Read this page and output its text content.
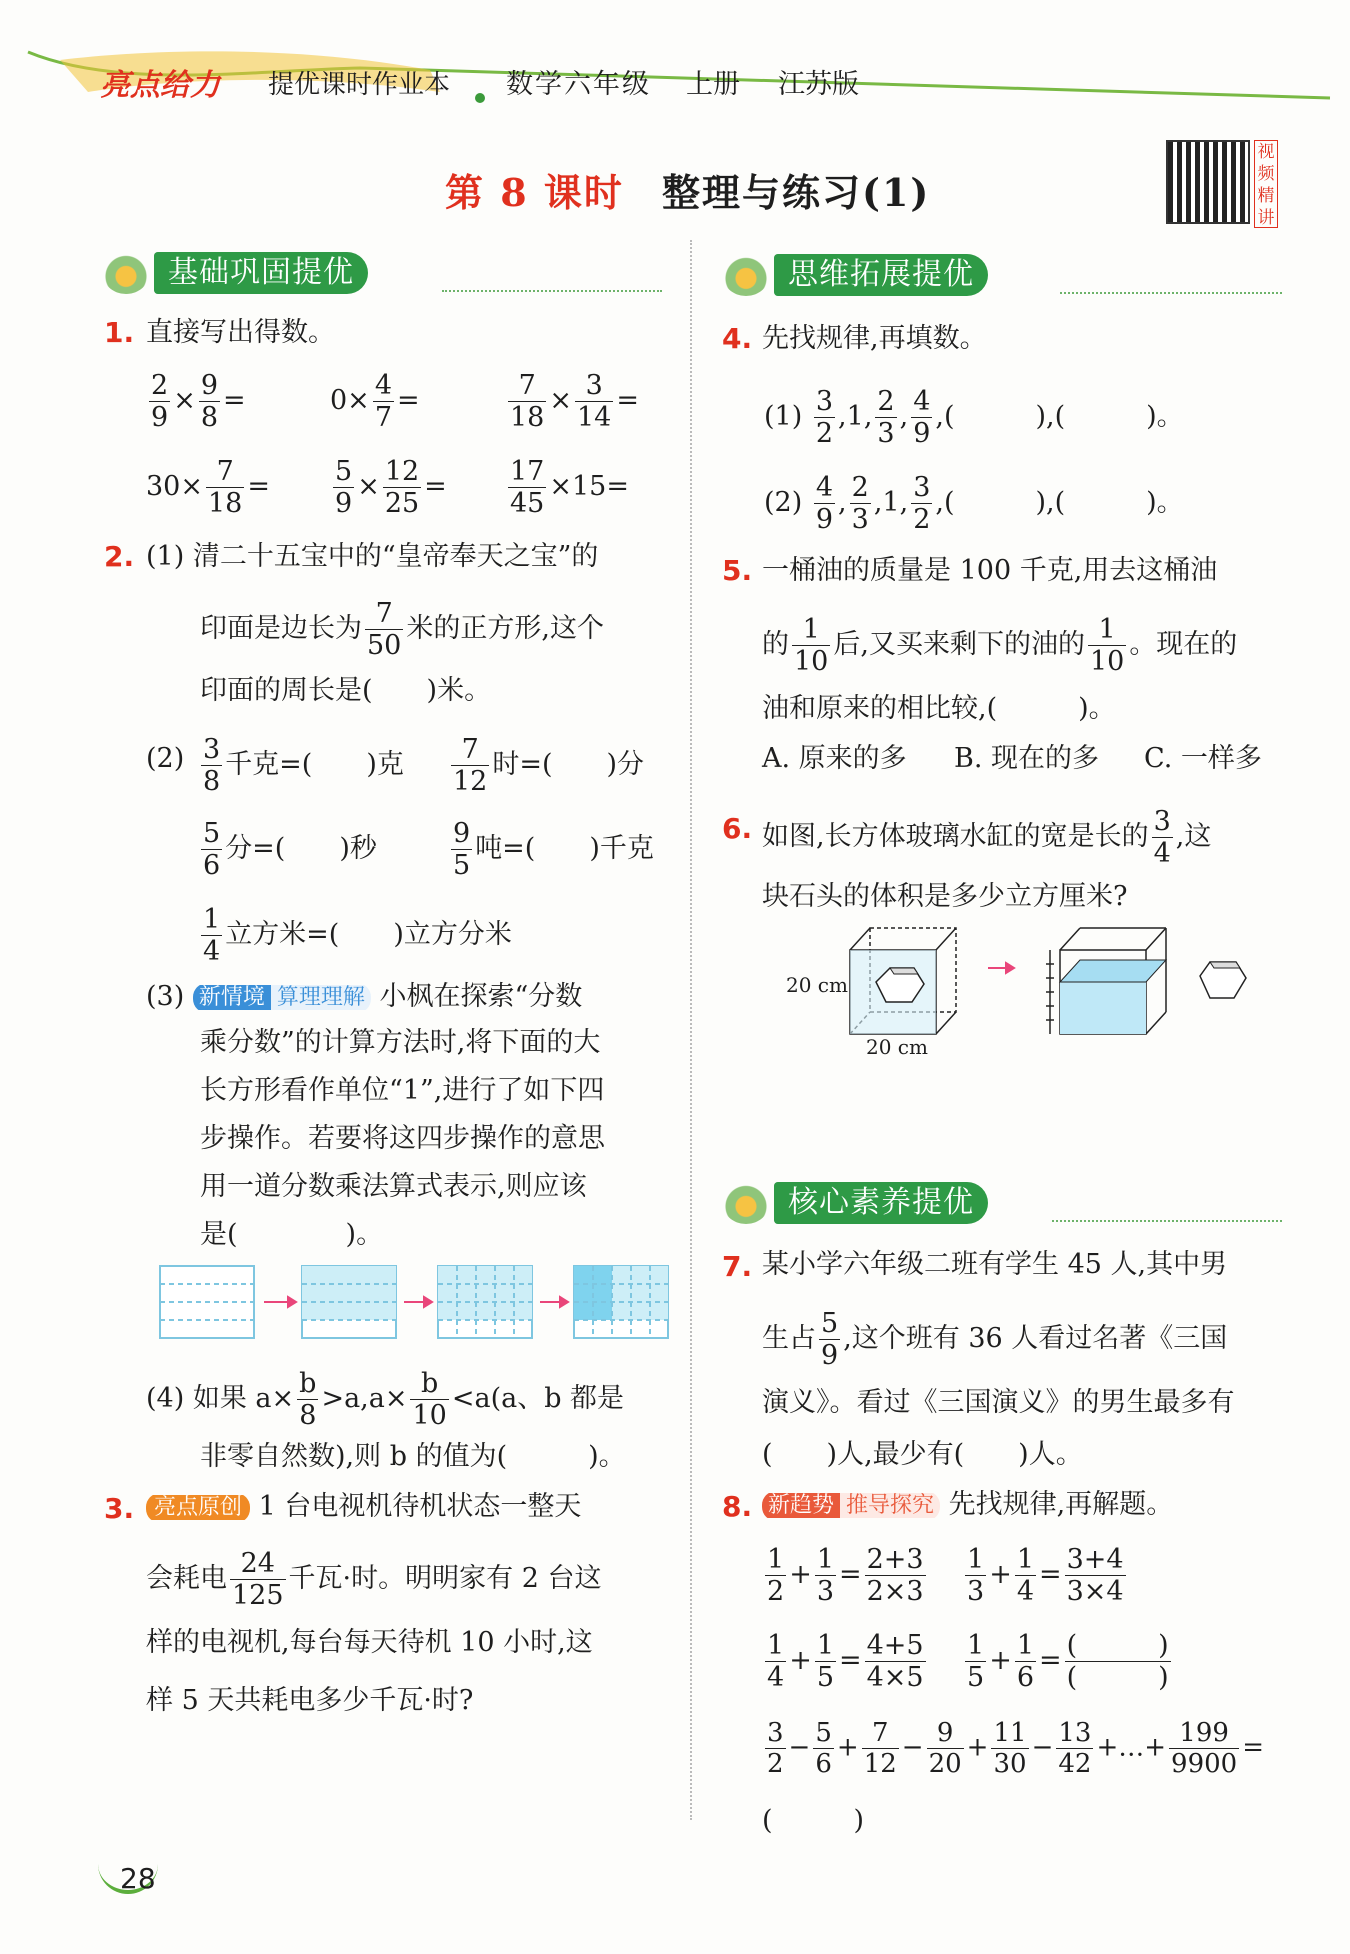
亮点给力 提优课时作业本 数学六年级 上册 江苏版
第 8 课时 整理与练习(1)
视频精讲
基础巩固提优
1. 直接写出得数。
$\frac{2}{9} \times \frac{9}{8}$ =	$0\times \frac{4}{7}$ =	$\frac{7}{18} \times \frac{3}{14}$ =
$30\times \frac{7}{18} = \frac{5}{9} \times \frac{12}{25} = \frac{17}{45} \times 15=$
2. (1) 清二十五宝中的“皇帝奉天之宝”的
印面是边长为 $\frac{7}{50}$ 米的正方形,这个
印面的周长是(　　)米。
$(2) \frac{3}{8}$ 千克=(　　)克 $\frac{7}{12}$ 时=(　　)分
$\frac{5}{6}$ 分=(　　)秒	$\frac{9}{5}$ 吨=(　　)千克
$\frac{1}{4}$ 立方米=(　　)立方分米
(3) 新情境 算理理解 小枫在探索“分数
乘分数”的计算方法时,将下面的大
长方形看作单位“1”,进行了如下四
步操作。若要将这四步操作的意思
用一道分数乘法算式表示,则应该
是(　　　　)。
(4) 如果 $a\times \frac{b}{8} >a,a\times \frac{b}{10} <a(a$、b 都是
非零自然数),则 b 的值为(　　　)。
3. 亮点原创 1 台电视机待机状态一整天
会耗电 $\frac{24}{125}$ 千瓦·时。明明家有 2 台这
样的电视机,每台每天待机 10 小时,这
样 5 天共耗电多少千瓦·时?
思维拓展提优
4. 先找规律,再填数。
$(1) \frac{3}{2} ,1$, $\frac{2}{3}$ , $\frac{4}{9}$ ,(　　　),(　　　)。
$(2) \frac{4}{9}$ , $\frac{2}{3} ,1$, $\frac{3}{2}$ ,(　　　),(　　　)。
5. 一桶油的质量是 100 千克,用去这桶油
的 $\frac{1}{10}$ 后,又买来剩下的油的 $\frac{1}{10}$ 。现在的
油和原来的相比较,(　　　)。
A. 原来的多 B. 现在的多 C. 一样多
6. 如图,长方体玻璃水缸的宽是长的 $\frac{3}{4}$ ,这
块石头的体积是多少立方厘米?
20 cm
20 cm
核心素养提优
7. 某小学六年级二班有学生 45 人,其中男
生占 $\frac{5}{9}$ ,这个班有 36 人看过名著《三国
演义》。看过《三国演义》的男生最多有
(　　)人,最少有(　　)人。
8. 新趋势 推导探究 先找规律,再解题。
$\frac{1}{2} + \frac{1}{3} = \frac{2+3}{2\times 3} \frac{1}{3} + \frac{1}{4} = \frac{3+4}{3\times 4}$
$\frac{1}{4} + \frac{1}{5} = \frac{4+5}{4\times 5} \frac{1}{5} + \frac{1}{6}$ = (　　　)
(　　　)
$\frac{3}{2} - \frac{5}{6} + \frac{7}{12} - \frac{9}{20} + \frac{11}{30} - \frac{13}{42}$ +…+ $\frac{199}{9900}$ =
(　　　)
28
